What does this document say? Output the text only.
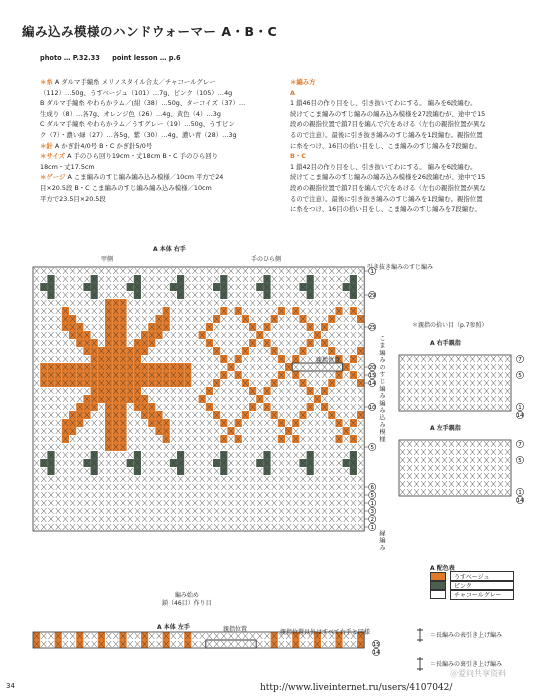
編み込み模様のハンドウォーマー A・B・C
photo … P.32.33 point lesson … p.6
＊糸 A ダルマ手編糸 メリノスタイル合太／チャコールグレー
（112）…50g、うすベージュ（101）…7g、ピンク（105）…4g
B ダルマ手編糸 やわらかラム／(紺（38）…50g、ターコイズ（37）…
生成り（8）…各7g、オレンジ色（26）…4g、黄色（4）…3g
C ダルマ手編糸 やわらかラム／うすグレー（19）…50g、うすピン
ク（7）・濃い緑（27）…各5g、紫（30）…4g、濃い青（28）…3g
＊針 A かぎ針4/0号 B・C かぎ針5/0号
＊サイズ A 手のひら回り19cm・丈18cm B・C 手のひら回り
18cm・丈17.5cm
＊ゲージ A こま編みのすじ編み編み込み模様／10cm 平方で24
目×20.5段 B・C こま編みのすじ編み編み込み模様／10cm
平方で23.5目×20.5段
＊編み方
A
1 鎖46目の作り目をし、引き抜いてわにする。 編みを6段編む。
続けてこま編みのすじ編みの編み込み模様を27段編むが、途中で15
段めの親指位置で鎖7目を編んで穴をあける（左右の親指位置が異な
るので注意）。最後に引き抜き編みのすじ編みを1段編む。親指位置
に糸をつけ、16目の拾い目をし、こま編みのすじ編みを7段編む。
B・C
1 鎖42目の作り目をし、引き抜いてわにする。 編みを6段編む。
続けてこま編みのすじ編みの編み込み模様を26段編むが、途中で15
段めの親指位置で鎖7目を編んで穴をあける（左右の親指位置が異な
るので注意）。最後に引き抜き編みのすじ編みを1段編む。親指位置
に糸をつけ、16目の拾い目をし、こま編みのすじ編みを7段編む。
1
29
25
20
15
14
10
5
6
5
1
3
2
1
7
5
1
14
7
5
1
14
15
14
A 本体 右手
甲側	手のひら側
引き抜き編みのすじ編み
親指位置	こま編みのすじ編み編み込み模様
縁編み
編み始め
鎖（46目）作り目
＊親指の拾い目（p.7参照）
A 右手親指
A 左手親指
A 配色表
うすベージュ
ピンク
チャコールグレー
A 本体 左手	親指位置	親指位置以外はすべて右手と同様	＝長編みの表引き上げ編み
＝長編みの裏引き上げ編み
34
＠爱问共享资料
http://www.liveinternet.ru/users/4107042/
